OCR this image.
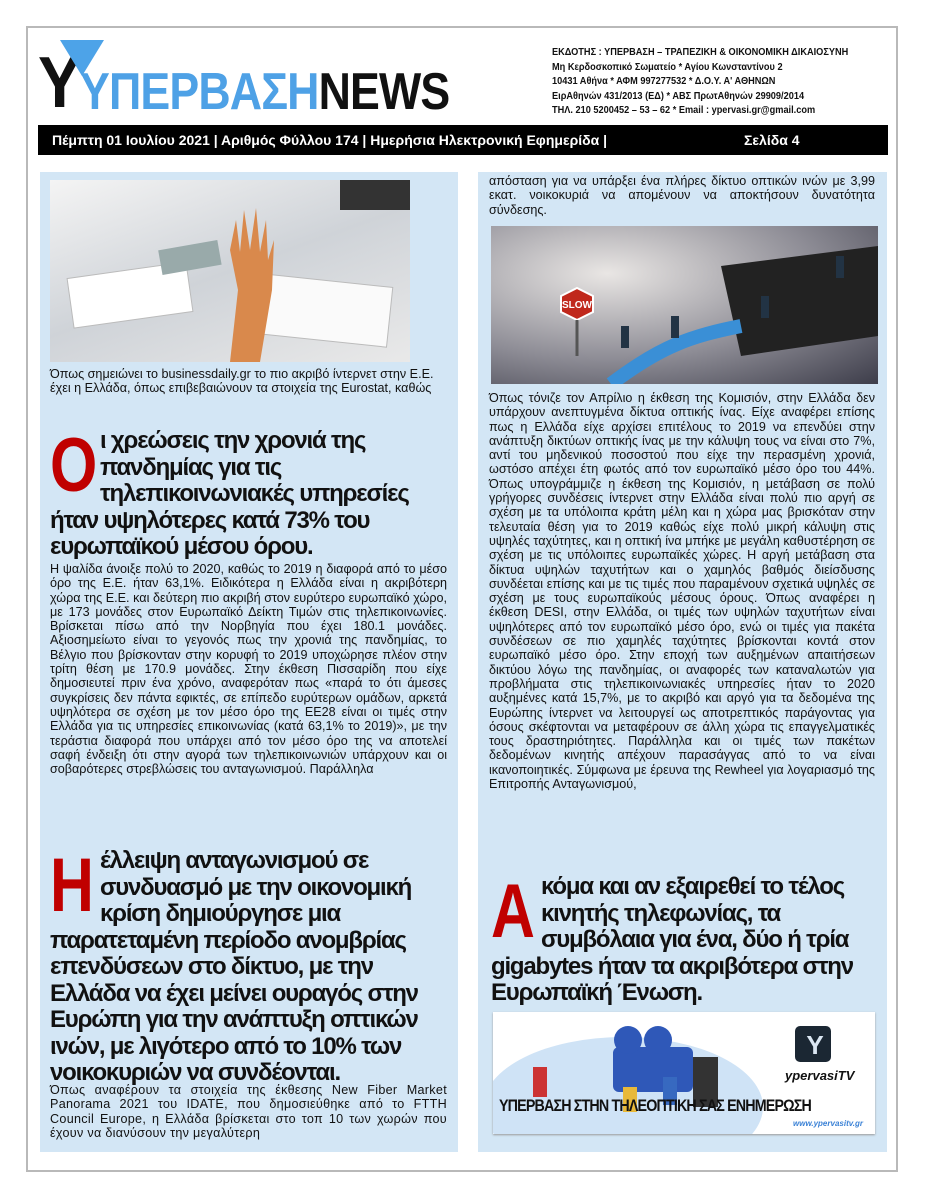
Y
ΥΠΕΡΒΑΣΗNEWS
ΕΚΔΟΤΗΣ : ΥΠΕΡΒΑΣΗ – ΤΡΑΠΕΖΙΚΗ & ΟΙΚΟΝΟΜΙΚΗ ΔΙΚΑΙΟΣΥΝΗ
Μη Κερδοσκοπικό Σωματείο * Αγίου Κωνσταντίνου 2
10431 Αθήνα * ΑΦΜ 997277532 * Δ.Ο.Υ. Α' ΑΘΗΝΩΝ
ΕιρΑθηνών 431/2013 (ΕΔ) * ΑΒΣ ΠρωτΑθηνών 29909/2014
ΤΗΛ. 210 5200452 – 53 – 62 * Email : ypervasi.gr@gmail.com
Πέμπτη 01 Ιουλίου 2021 | Αριθμός Φύλλου 174 | Ημερήσια Ηλεκτρονική Εφημερίδα |	Σελίδα 4
Όπως σημειώνει το businessdaily.gr το πιο ακριβό ίντερνετ στην Ε.Ε. έχει η Ελλάδα, όπως επιβεβαιώνουν τα στοιχεία της Eurostat, καθώς
Οι χρεώσεις την χρονιά της πανδημίας για τις τηλεπικοινωνιακές υπηρεσίες ήταν υψηλότερες κατά 73% του ευρωπαϊκού μέσου όρου.
Η ψαλίδα άνοιξε πολύ το 2020, καθώς το 2019 η διαφορά από το μέσο όρο της Ε.Ε. ήταν 63,1%. Ειδικότερα η Ελλάδα είναι η ακριβότερη χώρα της Ε.Ε. και δεύτερη πιο ακριβή στον ευρύτερο ευρωπαϊκό χώρο, με 173 μονάδες στον Ευρωπαϊκό Δείκτη Τιμών στις τηλεπικοινωνίες. Βρίσκεται πίσω από την Νορβηγία που έχει 180.1 μονάδες. Αξιοσημείωτο είναι το γεγονός πως την χρονιά της πανδημίας, το Βέλγιο που βρίσκονταν στην κορυφή το 2019 υποχώρησε πλέον στην τρίτη θέση με 170.9 μονάδες. Στην έκθεση Πισσαρίδη που είχε δημοσιευτεί πριν ένα χρόνο, αναφερόταν πως «παρά το ότι άμεσες συγκρίσεις δεν πάντα εφικτές, σε επίπεδο ευρύτερων ομάδων, αρκετά υψηλότερα σε σχέση με τον μέσο όρο της ΕΕ28 είναι οι τιμές στην Ελλάδα για τις υπηρεσίες επικοινωνίας (κατά 63,1% το 2019)», με την τεράστια διαφορά που υπάρχει από τον μέσο όρο της να αποτελεί σαφή ένδειξη ότι στην αγορά των τηλεπικοινωνιών υπάρχουν και οι σοβαρότερες στρεβλώσεις του ανταγωνισμού. Παράλληλα
Η έλλειψη ανταγωνισμού σε συνδυασμό με την οικονομική κρίση δημιούργησε μια παρατεταμένη περίοδο ανομβρίας επενδύσεων στο δίκτυο, με την Ελλάδα να έχει μείνει ουραγός στην Ευρώπη για την ανάπτυξη οπτικών ινών, με λιγότερο από το 10% των νοικοκυριών να συνδέονται.
Όπως αναφέρουν τα στοιχεία της έκθεσης New Fiber Market Panorama 2021 του IDATE, που δημοσιεύθηκε από το FTTH Council Europe, η Ελλάδα βρίσκεται στο τοπ 10 των χωρών που έχουν να διανύσουν την μεγαλύτερη
απόσταση για να υπάρξει ένα πλήρες δίκτυο οπτικών ινών με 3,99 εκατ. νοικοκυριά να απομένουν να αποκτήσουν δυνατότητα σύνδεσης.
SLOW
Όπως τόνιζε τον Απρίλιο η έκθεση της Κομισιόν, στην Ελλάδα δεν υπάρχουν ανεπτυγμένα δίκτυα οπτικής ίνας. Είχε αναφέρει επίσης πως η Ελλάδα είχε αρχίσει επιτέλους το 2019 να επενδύει στην ανάπτυξη δικτύων οπτικής ίνας με την κάλυψη τους να είναι στο 7%, αντί του μηδενικού ποσοστού που είχε την περασμένη χρονιά, ωστόσο απέχει έτη φωτός από τον ευρωπαϊκό μέσο όρο του 44%. Όπως υπογράμμιζε η έκθεση της Κομισιόν, η μετάβαση σε πολύ γρήγορες συνδέσεις ίντερνετ στην Ελλάδα είναι πολύ πιο αργή σε σχέση με τα υπόλοιπα κράτη μέλη και η χώρα μας βρισκόταν στην τελευταία θέση για το 2019 καθώς είχε πολύ μικρή κάλυψη στις υψηλές ταχύτητες, και η οπτική ίνα μπήκε με μεγάλη καθυστέρηση σε σχέση με τις υπόλοιπες ευρωπαϊκές χώρες. Η αργή μετάβαση στα δίκτυα υψηλών ταχυτήτων και ο χαμηλός βαθμός διείσδυσης συνδέεται επίσης και με τις τιμές που παραμένουν σχετικά υψηλές σε σχέση με τους ευρωπαϊκούς μέσους όρους. Όπως αναφέρει η έκθεση DESI, στην Ελλάδα, οι τιμές των υψηλών ταχυτήτων είναι υψηλότερες από τον ευρωπαϊκό μέσο όρο, ενώ οι τιμές για πακέτα συνδέσεων σε πιο χαμηλές ταχύτητες βρίσκονται κοντά στον ευρωπαϊκό μέσο όρο. Στην εποχή των αυξημένων απαιτήσεων δικτύου λόγω της πανδημίας, οι αναφορές των καταναλωτών για προβλήματα στις τηλεπικοινωνιακές υπηρεσίες ήταν το 2020 αυξημένες κατά 15,7%, με το ακριβό και αργό για τα δεδομένα της Ευρώπης ίντερνετ να λειτουργεί ως αποτρεπτικός παράγοντας για όσους σκέφτονται να μεταφέρουν σε άλλη χώρα τις επαγγελματικές τους δραστηριότητες. Παράλληλα και οι τιμές των πακέτων δεδομένων κινητής απέχουν παρασάγγας από το να είναι ικανοποιητικές. Σύμφωνα με έρευνα της Rewheel για λογαριασμό της Επιτροπής Ανταγωνισμού,
Ακόμα και αν εξαιρεθεί το τέλος κινητής τηλεφωνίας, τα συμβόλαια για ένα, δύο ή τρία gigabytes ήταν τα ακριβότερα στην Ευρωπαϊκή Ένωση.
Y
ypervasiTV
ΥΠΕΡΒΑΣΗ ΣΤΗΝ ΤΗΛΕΟΠΤΙΚΗ ΣΑΣ ΕΝΗΜΕΡΩΣΗ
www.ypervasitv.gr
